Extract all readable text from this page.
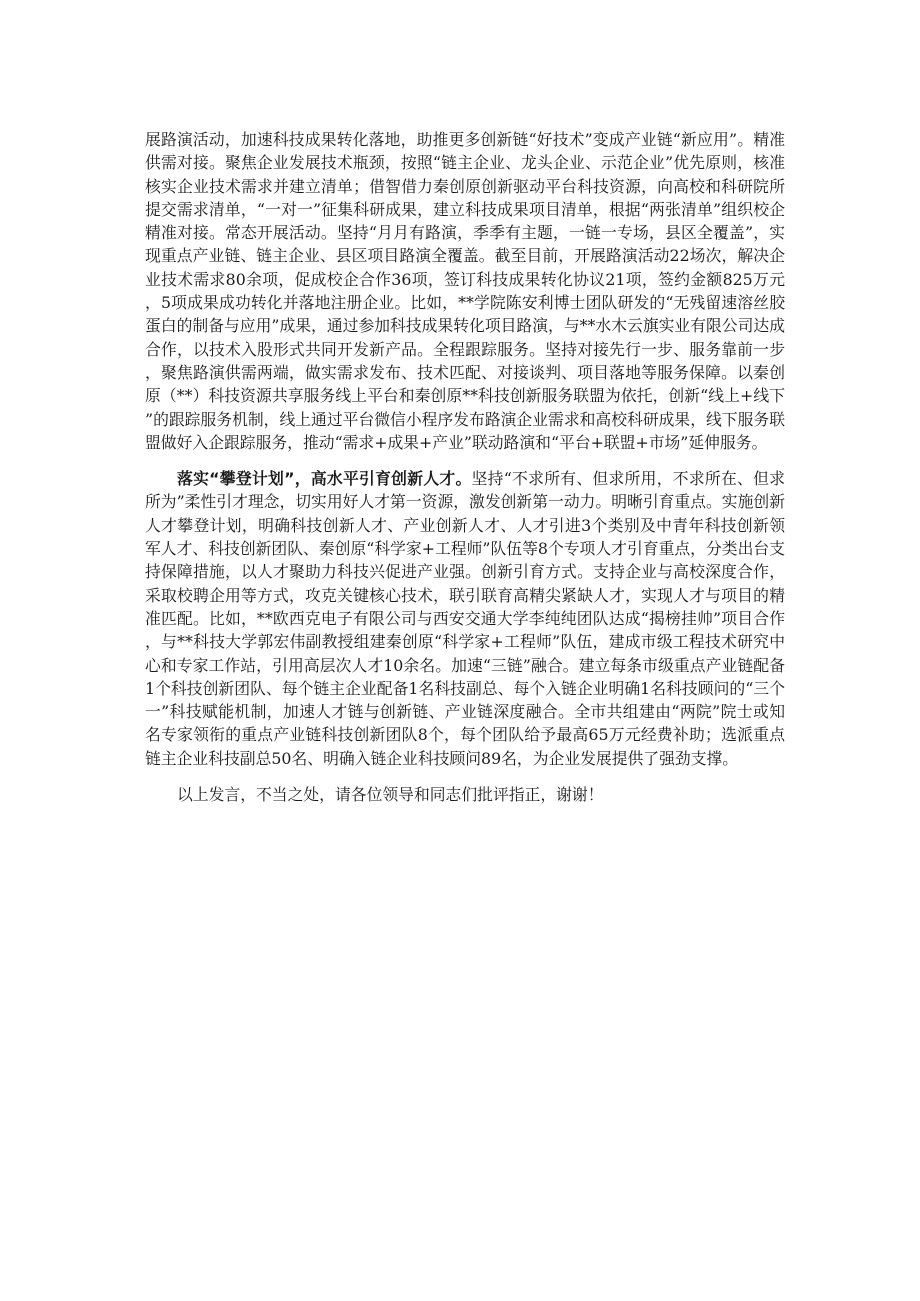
展路演活动，加速科技成果转化落地，助推更多创新链“好技术”变成产业链“新应用”。精准供需对接。聚焦企业发展技术瓶颈，按照“链主企业、龙头企业、示范企业”优先原则，核准核实企业技术需求并建立清单；借智借力秦创原创新驱动平台科技资源，向高校和科研院所提交需求清单，“一对一”征集科研成果，建立科技成果项目清单，根据“两张清单”组织校企精准对接。常态开展活动。坚持“月月有路演，季季有主题，一链一专场，县区全覆盖”，实现重点产业链、链主企业、县区项目路演全覆盖。截至目前，开展路演活动22场次，解决企业技术需求80余项，促成校企合作36项，签订科技成果转化协议21项，签约金额825万元，5项成果成功转化并落地注册企业。比如，**学院陈安利博士团队研发的“无残留速溶丝胶蛋白的制备与应用”成果，通过参加科技成果转化项目路演，与**水木云旗实业有限公司达成合作，以技术入股形式共同开发新产品。全程跟踪服务。坚持对接先行一步、服务靠前一步，聚焦路演供需两端，做实需求发布、技术匹配、对接谈判、项目落地等服务保障。以秦创原（**）科技资源共享服务线上平台和秦创原**科技创新服务联盟为依托，创新“线上+线下”的跟踪服务机制，线上通过平台微信小程序发布路演企业需求和高校科研成果，线下服务联盟做好入企跟踪服务，推动“需求+成果+产业”联动路演和“平台+联盟+市场”延伸服务。

落实“攀登计划”，高水平引育创新人才。坚持“不求所有、但求所用，不求所在、但求所为”柔性引才理念，切实用好人才第一资源，激发创新第一动力。明晰引育重点。实施创新人才攀登计划，明确科技创新人才、产业创新人才、人才引进3个类别及中青年科技创新领军人才、科技创新团队、秦创原“科学家+工程师”队伍等8个专项人才引育重点，分类出台支持保障措施，以人才聚助力科技兴促进产业强。创新引育方式。支持企业与高校深度合作，采取校聘企用等方式，攻克关键核心技术，联引联育高精尖紧缺人才，实现人才与项目的精准匹配。比如，**欧西克电子有限公司与西安交通大学李纯纯团队达成“揭榜挂帅”项目合作，与**科技大学郭宏伟副教授组建秦创原“科学家+工程师”队伍，建成市级工程技术研究中心和专家工作站，引用高层次人才10余名。加速“三链”融合。建立每条市级重点产业链配备1个科技创新团队、每个链主企业配备1名科技副总、每个入链企业明确1名科技顾问的“三个一”科技赋能机制，加速人才链与创新链、产业链深度融合。全市共组建由“两院”院士或知名专家领衔的重点产业链科技创新团队8个，每个团队给予最高65万元经费补助；选派重点链主企业科技副总50名、明确入链企业科技顾问89名，为企业发展提供了强劲支撑。

以上发言，不当之处，请各位领导和同志们批评指正，谢谢！
